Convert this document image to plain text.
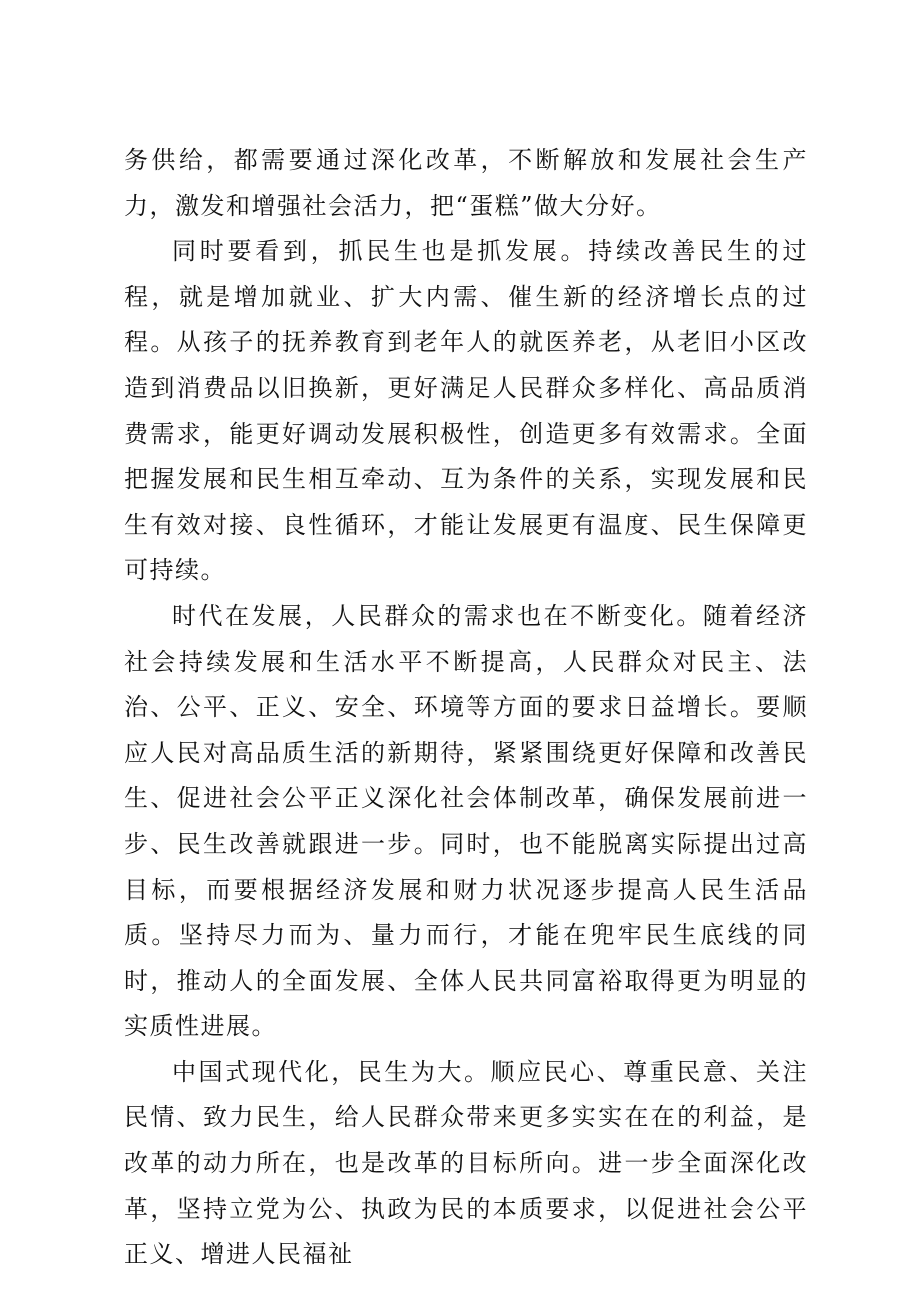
务供给，都需要通过深化改革，不断解放和发展社会生产力，激发和增强社会活力，把“蛋糕”做大分好。

同时要看到，抓民生也是抓发展。持续改善民生的过程，就是增加就业、扩大内需、催生新的经济增长点的过程。从孩子的抚养教育到老年人的就医养老，从老旧小区改造到消费品以旧换新，更好满足人民群众多样化、高品质消费需求，能更好调动发展积极性，创造更多有效需求。全面把握发展和民生相互牵动、互为条件的关系，实现发展和民生有效对接、良性循环，才能让发展更有温度、民生保障更可持续。

时代在发展，人民群众的需求也在不断变化。随着经济社会持续发展和生活水平不断提高，人民群众对民主、法治、公平、正义、安全、环境等方面的要求日益增长。要顺应人民对高品质生活的新期待，紧紧围绕更好保障和改善民生、促进社会公平正义深化社会体制改革，确保发展前进一步、民生改善就跟进一步。同时，也不能脱离实际提出过高目标，而要根据经济发展和财力状况逐步提高人民生活品质。坚持尽力而为、量力而行，才能在兜牢民生底线的同时，推动人的全面发展、全体人民共同富裕取得更为明显的实质性进展。

中国式现代化，民生为大。顺应民心、尊重民意、关注民情、致力民生，给人民群众带来更多实实在在的利益，是改革的动力所在，也是改革的目标所向。进一步全面深化改革，坚持立党为公、执政为民的本质要求，以促进社会公平正义、增进人民福祉
